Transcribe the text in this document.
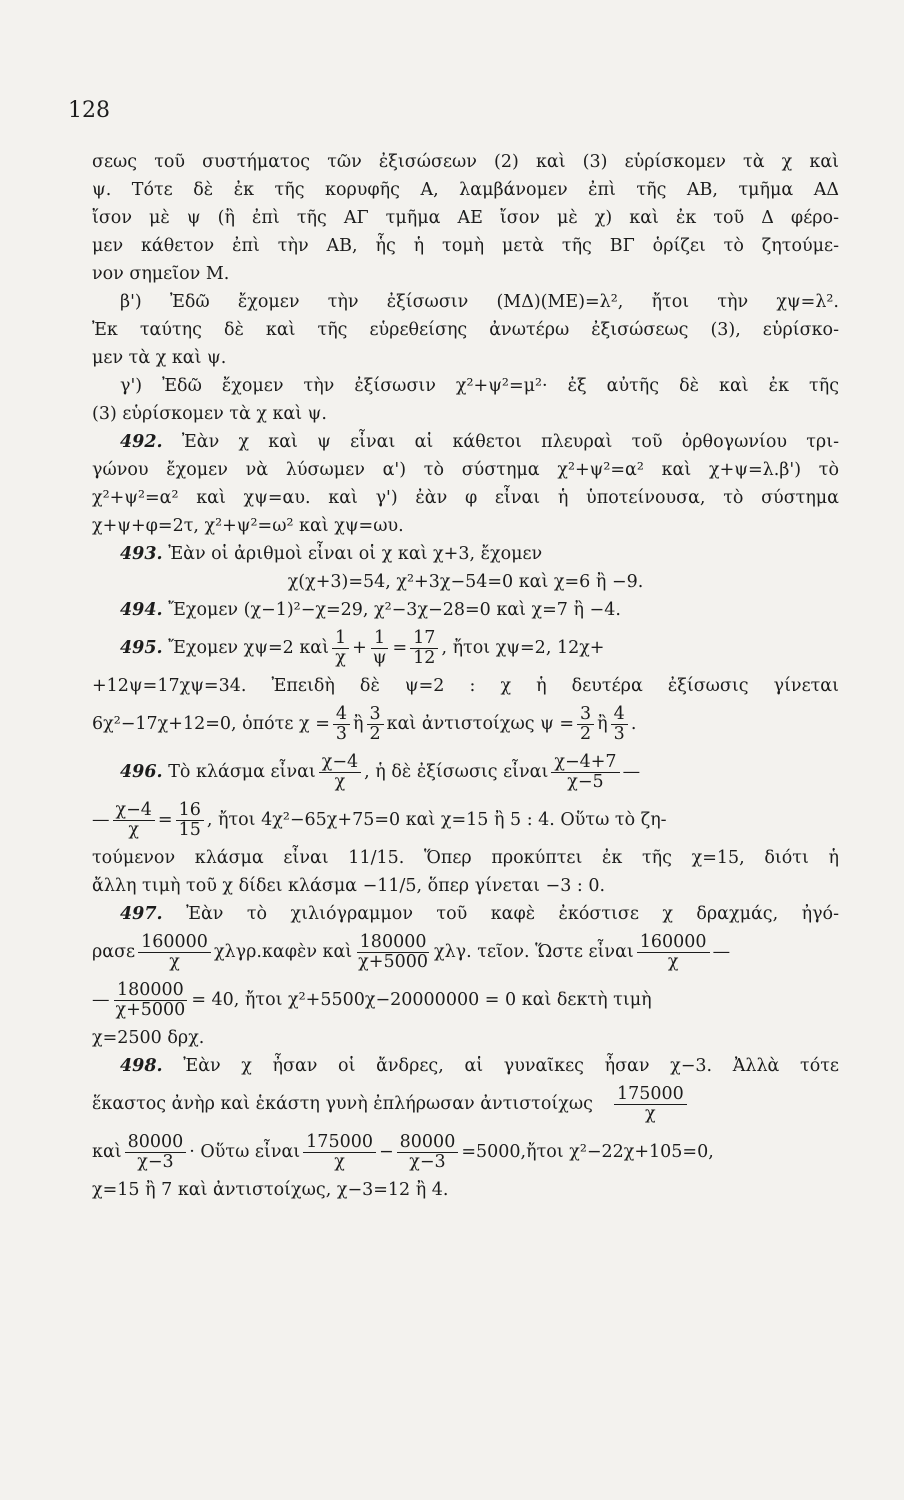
128
σεως τοῦ συστήματος τῶν ἐξισώσεων (2) καὶ (3) εὑρίσκομεν τὰ χ καὶ
ψ. Τότε δὲ ἐκ τῆς κορυφῆς Α, λαμβάνομεν ἐπὶ τῆς ΑΒ, τμῆμα ΑΔ
ἴσον μὲ ψ (ἢ ἐπὶ τῆς ΑΓ τμῆμα ΑΕ ἴσον μὲ χ) καὶ ἐκ τοῦ Δ φέρο-
μεν κάθετον ἐπὶ τὴν ΑΒ, ἧς ἡ τομὴ μετὰ τῆς ΒΓ ὁρίζει τὸ ζητούμε-
νον σημεῖον Μ.
β') Ἐδῶ ἔχομεν τὴν ἐξίσωσιν (ΜΔ)(ΜΕ)=λ², ἤτοι τὴν χψ=λ².
Ἐκ ταύτης δὲ καὶ τῆς εὑρεθείσης ἀνωτέρω ἐξισώσεως (3), εὑρίσκο-
μεν τὰ χ καὶ ψ.
γ') Ἐδῶ ἔχομεν τὴν ἐξίσωσιν χ²+ψ²=μ²· ἐξ αὐτῆς δὲ καὶ ἐκ τῆς
(3) εὑρίσκομεν τὰ χ καὶ ψ.
492. Ἐὰν χ καὶ ψ εἶναι αἱ κάθετοι πλευραὶ τοῦ ὀρθογωνίου τρι-
γώνου ἔχομεν νὰ λύσωμεν α') τὸ σύστημα χ²+ψ²=α² καὶ χ+ψ=λ.β') τὸ
χ²+ψ²=α² καὶ χψ=αυ. καὶ γ') ἐὰν φ εἶναι ἡ ὑποτείνουσα, τὸ σύστημα
χ+ψ+φ=2τ, χ²+ψ²=ω² καὶ χψ=ωυ.
493. Ἐὰν οἱ ἀριθμοὶ εἶναι οἱ χ καὶ χ+3, ἔχομεν
χ(χ+3)=54, χ²+3χ−54=0 καὶ χ=6 ἢ −9.
494. Ἔχομεν (χ−1)²−χ=29, χ²−3χ−28=0 καὶ χ=7 ἢ −4.
495.
Ἔχομεν χψ=2 καὶ $\frac{1}{\chi} + \frac{1}{\psi} = \frac{17}{12}$ , ἤτοι χψ=2, 12χ+
+12ψ=17χψ=34. Ἐπειδὴ δὲ ψ=2 : χ ἡ δευτέρα ἐξίσωσις γίνεται
6χ²−17χ+12=0, ὁπότε $\chi = \frac{4}{3}$ ἢ $\frac{3}{2}$ καὶ ἀντιστοίχως $\psi = \frac{3}{2}$ ἢ $\frac{4}{3}$ .
496.
Τὸ κλάσμα εἶναι $\frac{\chi-4}{\chi}$ , ἡ δὲ ἐξίσωσις εἶναι $\frac{\chi-4+7}{\chi-5}$ —
— $\frac{\chi-4}{\chi} = \frac{16}{15}$ , ἤτοι 4χ²−65χ+75=0 καὶ χ=15 ἢ 5 : 4. Οὕτω τὸ ζη-
τούμενον κλάσμα εἶναι 11/15. Ὅπερ προκύπτει ἐκ τῆς χ=15, διότι ἡ
ἄλλη τιμὴ τοῦ χ δίδει κλάσμα −11/5, ὅπερ γίνεται −3 : 0.
497. Ἐὰν τὸ χιλιόγραμμον τοῦ καφὲ ἐκόστισε χ δραχμάς, ἠγό-
ρασε $\frac{160000}{\chi}$ χλγρ.καφὲν καὶ $\frac{180000}{\chi+5000} \chi\lambda\gamma$. τεῖον. Ὥστε εἶναι $\frac{160000}{\chi}$ —
— $\frac{180000}{\chi+5000} = 40$, ἤτοι χ²+5500χ−20000000 = 0 καὶ δεκτὴ τιμὴ
χ=2500 δρχ.
498. Ἐὰν χ ἦσαν οἱ ἄνδρες, αἱ γυναῖκες ἦσαν χ−3. Ἀλλὰ τότε
ἕκαστος ἀνὴρ καὶ ἑκάστη γυνὴ ἐπλήρωσαν ἀντιστοίχως $\frac{175000}{\chi}$
καὶ $\frac{80000}{\chi-3}$ · Οὕτω εἶναι $\frac{175000}{\chi} - \frac{80000}{\chi-3}$ =5000,ἤτοι χ²−22χ+105=0,
χ=15 ἢ 7 καὶ ἀντιστοίχως, χ−3=12 ἢ 4.
